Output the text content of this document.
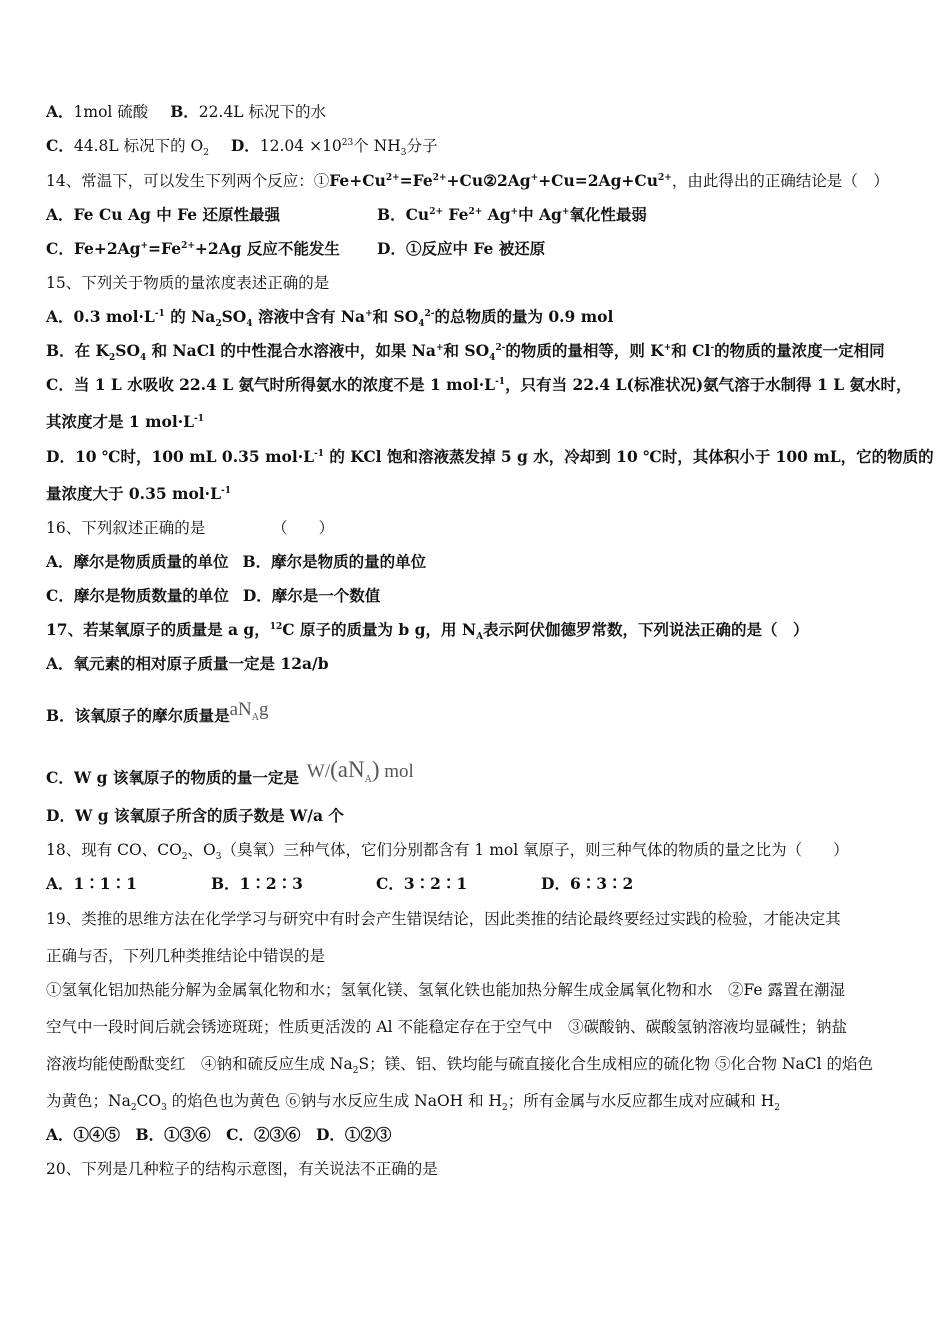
A．1mol 硫酸 B．22.4L 标况下的水
C．44.8L 标况下的 $O_2$ D．$12.04 \times 10^{23}$个 $NH_3$分子
14、常温下，可以发生下列两个反应：$①Fe+Cu^{2+}=Fe^{2+}+Cu②2Ag^++Cu=2Ag+Cu^{2+}$，由此得出的正确结论是（　）
A．Fe Cu Ag 中 Fe 还原性最强	B．$Cu^{2+}$ $Fe^{2+}$ Ag+中 Ag+氧化性最弱
C．$Fe+2Ag^+=Fe^{2+}+2Ag$ 反应不能发生 D．①反应中 Fe 被还原
15、下列关于物质的量浓度表述正确的是
A．0.3 $mol\cdot L^{-1}$ 的 $Na_2SO_4$ 溶液中含有 Na+和 $SO_4^{2-}$的总物质的量为 0.9 mol
B．在 $K_2SO_4$ 和 NaCl 的中性混合水溶液中，如果 Na+和 $SO_4^{2-}$的物质的量相等，则 K+和 Cl-的物质的量浓度一定相同
C．当 1 L 水吸收 22.4 L 氨气时所得氨水的浓度不是 1 $mol\cdot L^{-1}$，只有当 22.4 L(标准状况)氨气溶于水制得 1 L 氨水时，
其浓度才是 1 $mol\cdot L^{-1}$
D．10 ℃时，100 mL 0.35 $mol\cdot L^{-1}$ 的 KCl 饱和溶液蒸发掉 5 g 水，冷却到 10 ℃时，其体积小于 100 mL，它的物质的
量浓度大于 0.35 $mol\cdot L^{-1}$
16、下列叙述正确的是	（　　）
A．摩尔是物质质量的单位 B．摩尔是物质的量的单位
C．摩尔是物质数量的单位 D．摩尔是一个数值
17、若某氧原子的质量是 a g，$^{12}$C 原子的质量为 b g，用 $N_A$表示阿伏伽德罗常数，下列说法正确的是（　）
A．氧元素的相对原子质量一定是 12a/b
B．该氧原子的摩尔质量是$aN_Ag$
C．W g 该氧原子的物质的量一定是 $W/(aN_A)$ mol
D．W g 该氧原子所含的质子数是 W/a 个
18、现有 CO、$CO_2$、$O_3$（臭氧）三种气体，它们分别都含有 1 mol 氧原子，则三种气体的物质的量之比为（　　）
A．1∶1∶1	B．1∶2∶3	C．3∶2∶1	D．6∶3∶2
19、类推的思维方法在化学学习与研究中有时会产生错误结论，因此类推的结论最终要经过实践的检验，才能决定其
正确与否，下列几种类推结论中错误的是
①氢氧化铝加热能分解为金属氧化物和水；氢氧化镁、氢氧化铁也能加热分解生成金属氧化物和水　②Fe 露置在潮湿
空气中一段时间后就会锈迹斑斑；性质更活泼的 Al 不能稳定存在于空气中　③碳酸钠、碳酸氢钠溶液均显碱性；钠盐
溶液均能使酚酞变红　④钠和硫反应生成 $Na_2S$；镁、铝、铁均能与硫直接化合生成相应的硫化物 ⑤化合物 NaCl 的焰色
为黄色；$Na_2CO_3$ 的焰色也为黄色 ⑥钠与水反应生成 NaOH 和 $H_2$；所有金属与水反应都生成对应碱和 $H_2$
A．①④⑤　B．①③⑥　C．②③⑥　D．①②③
20、下列是几种粒子的结构示意图，有关说法不正确的是
